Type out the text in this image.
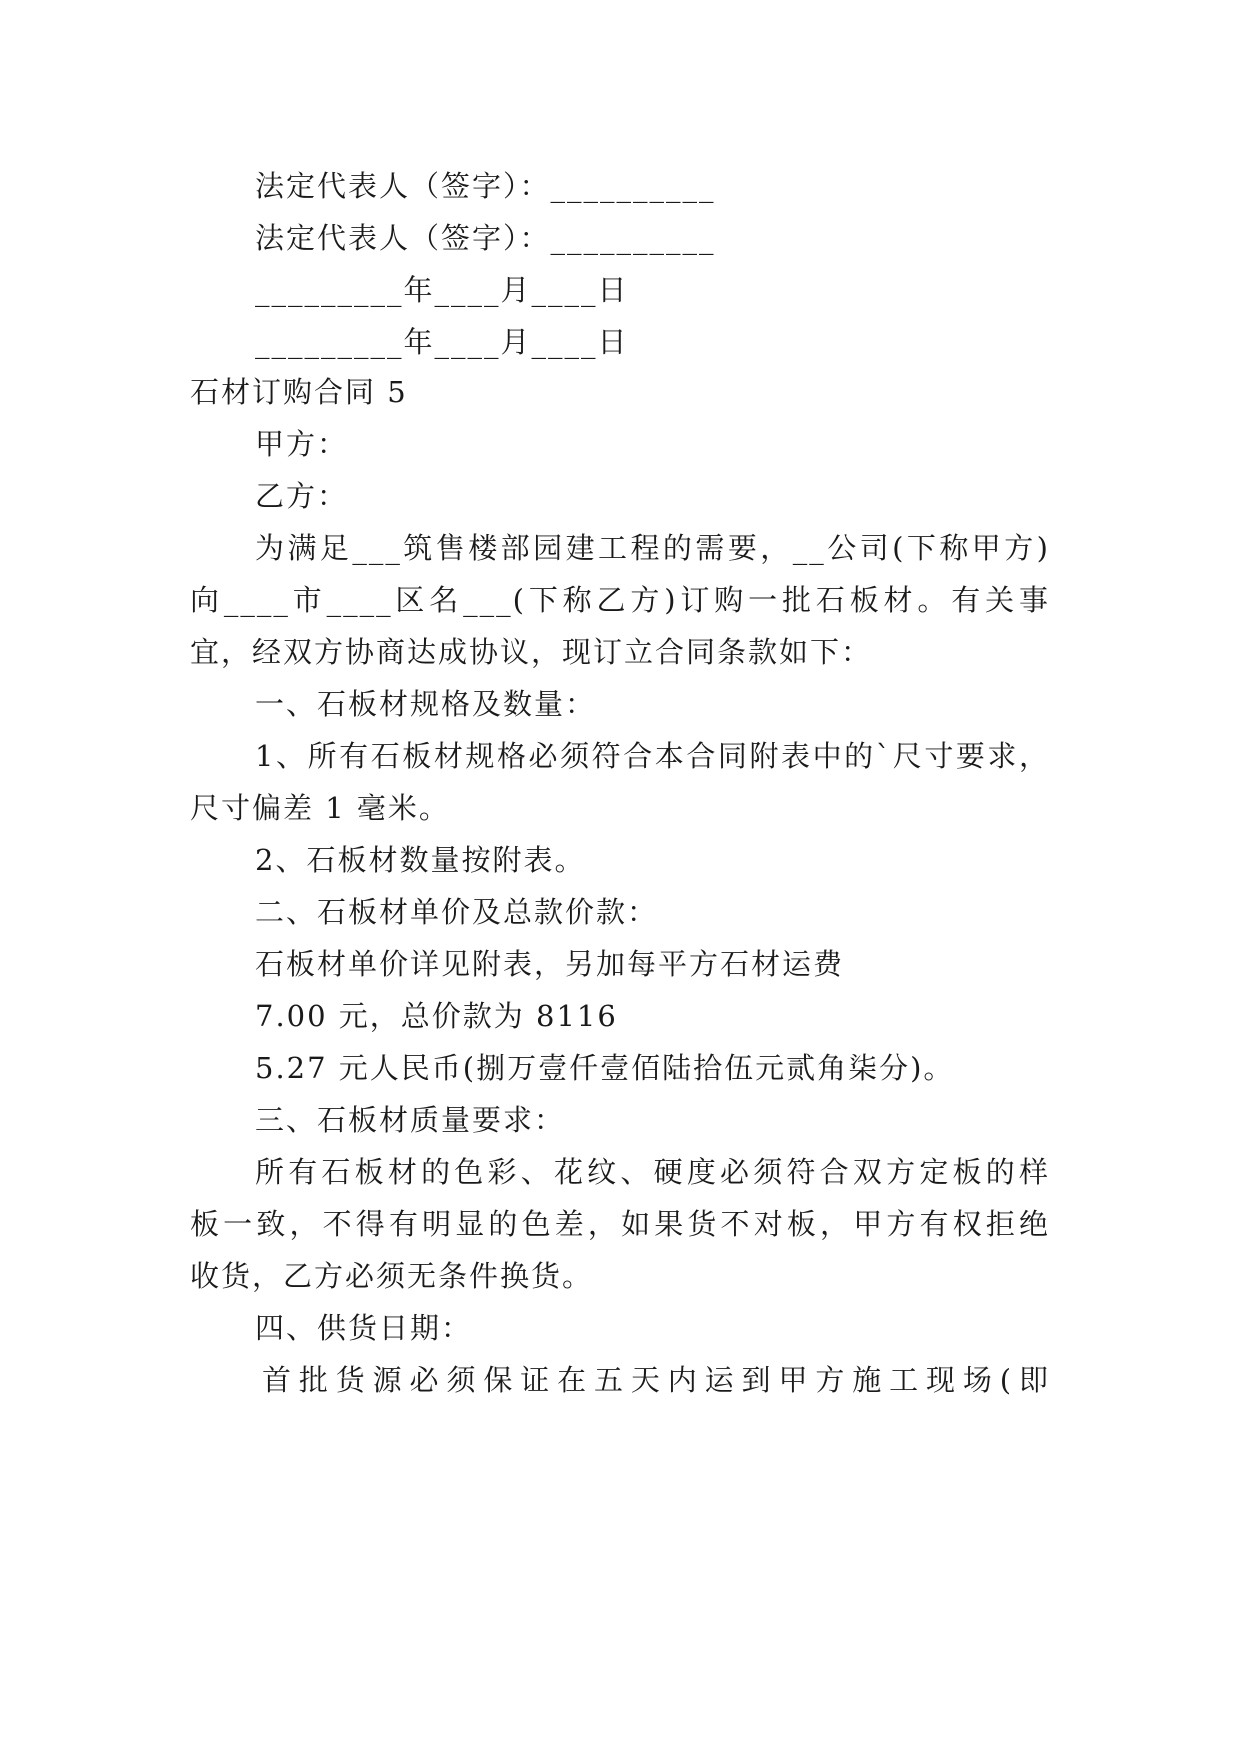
法定代表人（签字）：__________
法定代表人（签字）：__________
_________年____月____日
_________年____月____日
石材订购合同 5
甲方：
乙方：
为满足___筑售楼部园建工程的需要，__公司(下称甲方)
向____市____区名___(下称乙方)订购一批石板材。有关事
宜，经双方协商达成协议，现订立合同条款如下：
一、石板材规格及数量：
1、所有石板材规格必须符合本合同附表中的`尺寸要求，
尺寸偏差 1 毫米。
2、石板材数量按附表。
二、石板材单价及总款价款：
石板材单价详见附表，另加每平方石材运费
7.00 元，总价款为 8116
5.27 元人民币(捌万壹仟壹佰陆拾伍元贰角柒分)。
三、石板材质量要求：
所有石板材的色彩、花纹、硬度必须符合双方定板的样
板一致，不得有明显的色差，如果货不对板，甲方有权拒绝
收货，乙方必须无条件换货。
四、供货日期：
首批货源必须保证在五天内运到甲方施工现场(即
